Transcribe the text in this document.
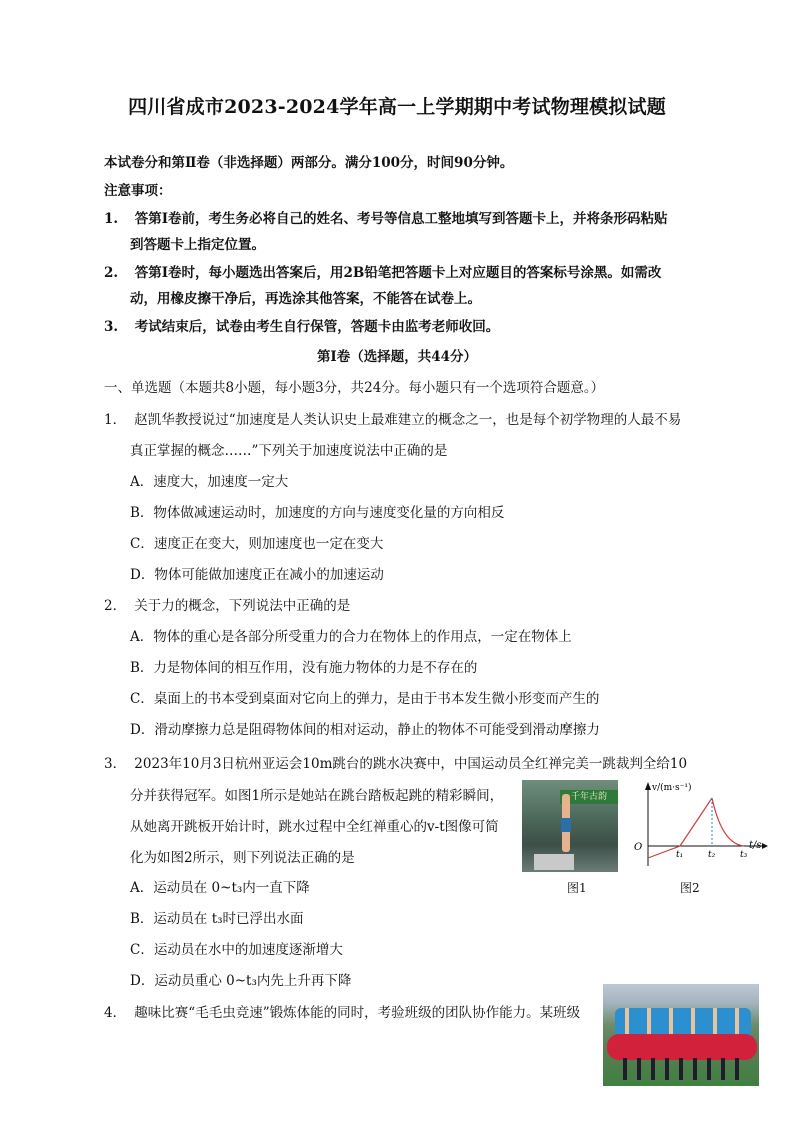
四川省成市2023-2024学年高一上学期期中考试物理模拟试题
本试卷分和第Ⅱ卷（非选择题）两部分。满分100分，时间90分钟。
注意事项：
1. 答第Ⅰ卷前，考生务必将自己的姓名、考号等信息工整地填写到答题卡上，并将条形码粘贴
到答题卡上指定位置。
2. 答第Ⅰ卷时，每小题选出答案后，用2B铅笔把答题卡上对应题目的答案标号涂黑。如需改
动，用橡皮擦干净后，再选涂其他答案，不能答在试卷上。
3. 考试结束后，试卷由考生自行保管，答题卡由监考老师收回。
第Ⅰ卷（选择题，共44分）
一、单选题（本题共8小题，每小题3分，共24分。每小题只有一个选项符合题意。）
1． 赵凯华教授说过“加速度是人类认识史上最难建立的概念之一，也是每个初学物理的人最不易
真正掌握的概念……”下列关于加速度说法中正确的是
A．速度大，加速度一定大
B．物体做减速运动时，加速度的方向与速度变化量的方向相反
C．速度正在变大，则加速度也一定在变大
D．物体可能做加速度正在减小的加速运动
2． 关于力的概念，下列说法中正确的是
A．物体的重心是各部分所受重力的合力在物体上的作用点，一定在物体上
B．力是物体间的相互作用，没有施力物体的力是不存在的
C．桌面上的书本受到桌面对它向上的弹力，是由于书本发生微小形变而产生的
D．滑动摩擦力总是阻碍物体间的相对运动，静止的物体不可能受到滑动摩擦力
3． 2023年10月3日杭州亚运会10m跳台的跳水决赛中，中国运动员全红禅完美一跳裁判全给10
分并获得冠军。如图1所示是她站在跳台踏板起跳的精彩瞬间，
从她离开跳板开始计时，跳水过程中全红禅重心的v-t图像可简
化为如图2所示，则下列说法正确的是
A．运动员在 0~t₃内一直下降
B．运动员在 t₃时已浮出水面
C．运动员在水中的加速度逐渐增大
D．运动员重心 0~t₃内先上升再下降
千年古韵
图1
v/(m·s⁻¹)
t/s
O
t₁	t₂	t₃
图2
4． 趣味比赛“毛毛虫竞速”锻炼体能的同时，考验班级的团队协作能力。某班级
